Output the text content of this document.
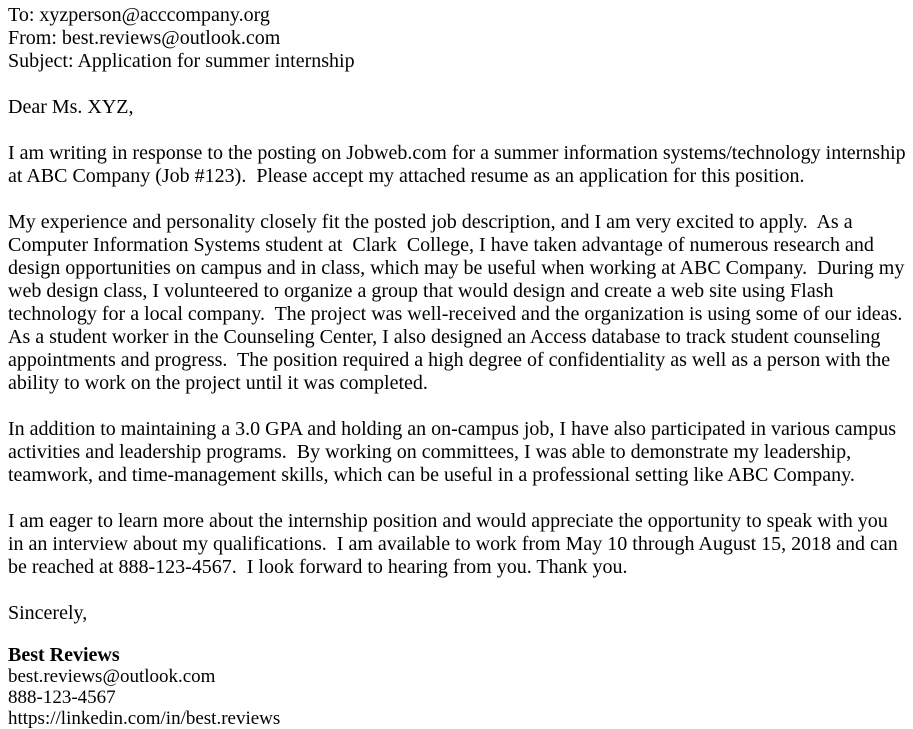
To: xyzperson@acccompany.org
From: best.reviews@outlook.com
Subject: Application for summer internship

Dear Ms. XYZ,

I am writing in response to the posting on Jobweb.com for a summer information systems/technology internship at ABC Company (Job #123).  Please accept my attached resume as an application for this position.

My experience and personality closely fit the posted job description, and I am very excited to apply.  As a Computer Information Systems student at  Clark  College, I have taken advantage of numerous research and design opportunities on campus and in class, which may be useful when working at ABC Company.  During my web design class, I volunteered to organize a group that would design and create a web site using Flash technology for a local company.  The project was well-received and the organization is using some of our ideas.  As a student worker in the Counseling Center, I also designed an Access database to track student counseling appointments and progress.  The position required a high degree of confidentiality as well as a person with the ability to work on the project until it was completed.

In addition to maintaining a 3.0 GPA and holding an on-campus job, I have also participated in various campus activities and leadership programs.  By working on committees, I was able to demonstrate my leadership, teamwork, and time-management skills, which can be useful in a professional setting like ABC Company.

I am eager to learn more about the internship position and would appreciate the opportunity to speak with you in an interview about my qualifications.  I am available to work from May 10 through August 15, 2018 and can be reached at 888-123-4567.  I look forward to hearing from you. Thank you.

Sincerely,

Best Reviews
best.reviews@outlook.com
888-123-4567
https://linkedin.com/in/best.reviews
